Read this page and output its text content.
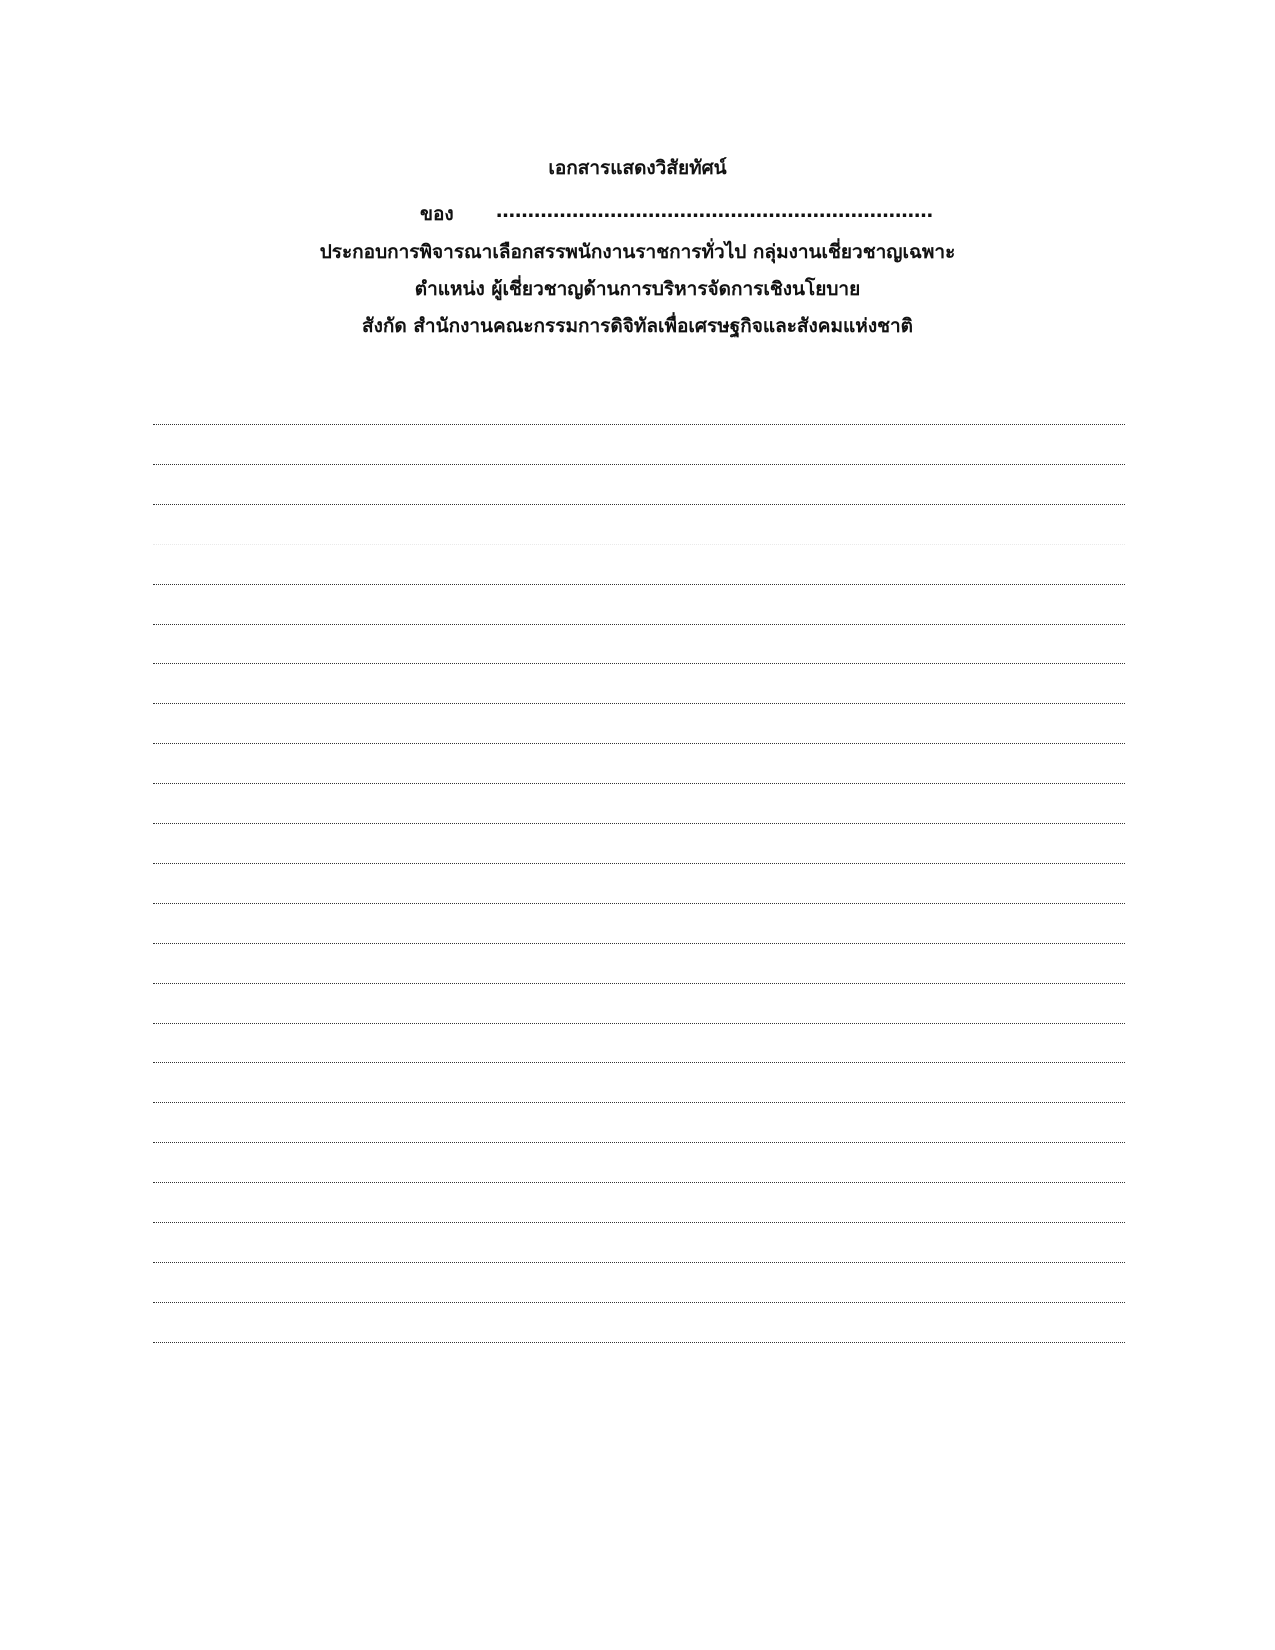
เอกสารแสดงวิสัยทัศน์
ของ ……………………………………………………………
ประกอบการพิจารณาเลือกสรรพนักงานราชการทั่วไป กลุ่มงานเชี่ยวชาญเฉพาะ
ตำแหน่ง ผู้เชี่ยวชาญด้านการบริหารจัดการเชิงนโยบาย
สังกัด สำนักงานคณะกรรมการดิจิทัลเพื่อเศรษฐกิจและสังคมแห่งชาติ
